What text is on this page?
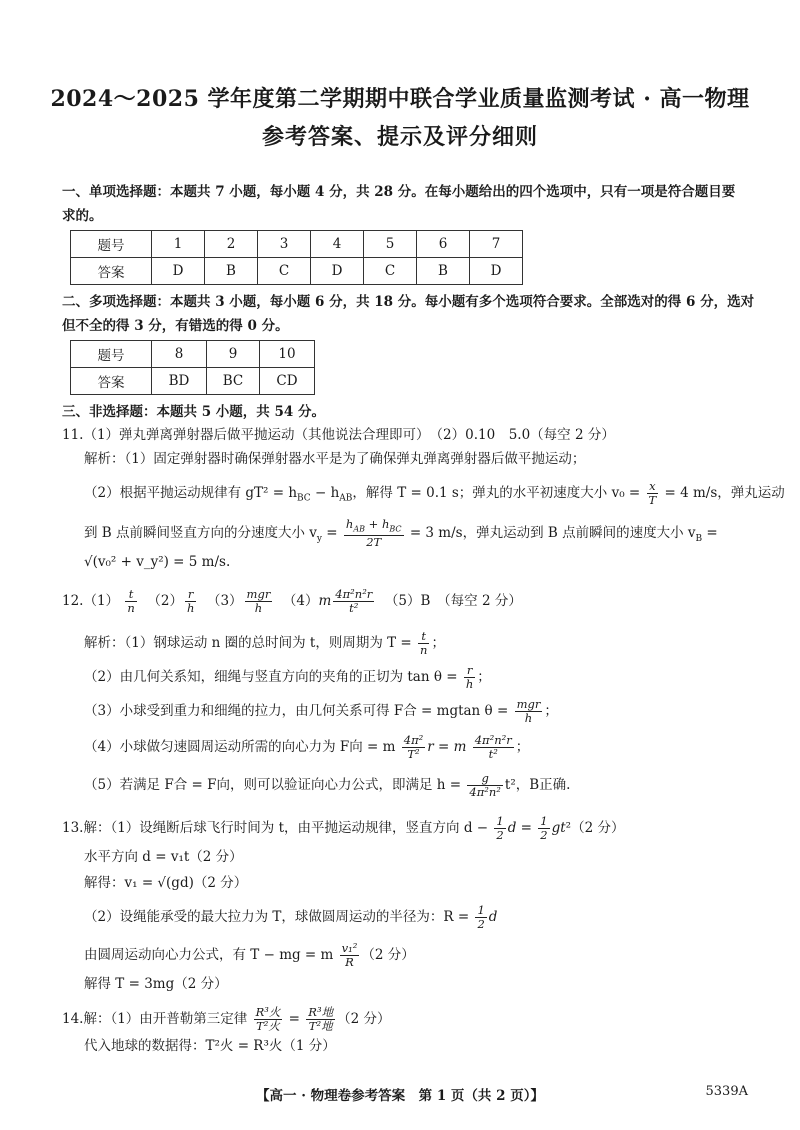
2024～2025 学年度第二学期期中联合学业质量监测考试 · 高一物理
参考答案、提示及评分细则
一、单项选择题：本题共 7 小题，每小题 4 分，共 28 分。在每小题给出的四个选项中，只有一项是符合题目要
求的。
题号	1	2	3	4	5	6	7
答案	D	B	C	D	C	B	D
二、多项选择题：本题共 3 小题，每小题 6 分，共 18 分。每小题有多个选项符合要求。全部选对的得 6 分，选对
但不全的得 3 分，有错选的得 0 分。
题号	8	9	10
答案	BD	BC	CD
三、非选择题：本题共 5 小题，共 54 分。
11.（1）弹丸弹离弹射器后做平抛运动（其他说法合理即可）　（2）0.10　5.0（每空 2 分）
解析：（1）固定弹射器时确保弹射器水平是为了确保弹丸弹离弹射器后做平抛运动；
（2）根据平抛运动规律有 $gT^2 = h_{BC} - h_{AB}$，解得 T = 0.1 s；弹丸的水平初速度大小 $v_0 = \frac{x}{T} = 4$ m/s，弹丸运动
到 B 点前瞬间竖直方向的分速度大小 $v_y = \frac{h_{AB} + h_{BC}}{2T} = 3$ m/s，弹丸运动到 B 点前瞬间的速度大小 $v_B$ =
√(v₀² + v_y²) = 5 m/s.
$12.(1) \frac{t}{n} (2) \frac{r}{h} (3) \frac{\text{mgr}}{h} (4)m \frac{\text{4π²n²r}}{\text{t²}} (5)B$　（每空 2 分）
解析：（1）钢球运动 n 圈的总时间为 t，则周期为 $T = \frac{t}{n}$ ；
（2）由几何关系知，细绳与竖直方向的夹角的正切为 $\tan \theta = \frac{r}{h}$ ；
（3）小球受到重力和细绳的拉力，由几何关系可得 F合 = mgtan $\theta = \frac{\text{mgr}}{h}$ ；
（4）小球做匀速圆周运动所需的向心力为 F向 = m $\frac{\text{4π²}}{\text{T²}}$ r = m $\frac{\text{4π²n²r}}{\text{t²}}$ ；
（5）若满足 F合 = F向，则可以验证向心力公式，即满足 $h = \frac{g}{\text{4π²n²}} t^2$，B正确.
13.解：（1）设绳断后球飞行时间为 t，由平抛运动规律，竖直方向 $d - \frac{1}{2}$ $d = \frac{1}{2} gt^2(2$ 分）
水平方向 d = v₁t（2 分）
解得：v₁ = √(gd)（2 分）
（2）设绳能承受的最大拉力为 T，球做圆周运动的半径为：$R = \frac{1}{2}$ d
由圆周运动向心力公式，有 T − mg = m $\frac{\text{v₁²}}{R} (2$ 分）
解得 T = 3mg（2 分）
14.解：（1）由开普勒第三定律 $\frac{\text{R³火}}{\text{T²火}} = \frac{\text{R³地}}{\text{T²地}} (2$ 分）
代入地球的数据得：T²火 = R³火（1 分）
【高一 · 物理卷参考答案　第 1 页（共 2 页）】	5339A
